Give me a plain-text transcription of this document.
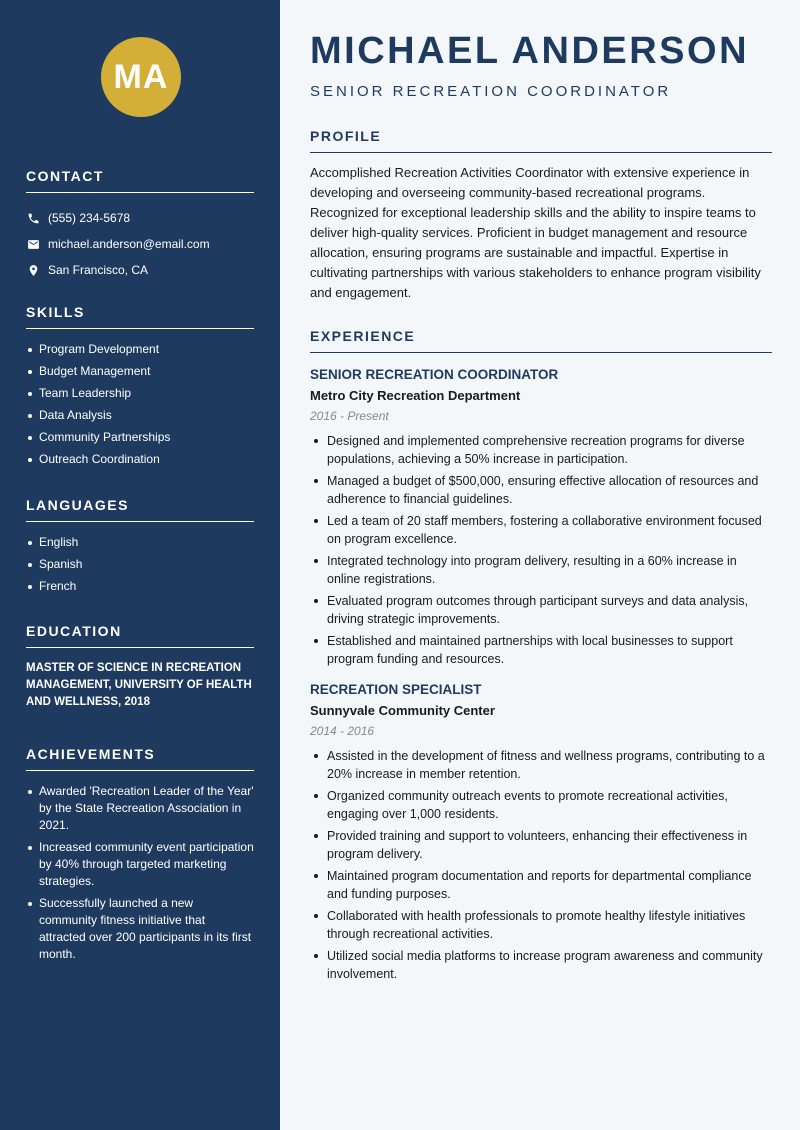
MA
CONTACT
(555) 234-5678
michael.anderson@email.com
San Francisco, CA
SKILLS
Program Development
Budget Management
Team Leadership
Data Analysis
Community Partnerships
Outreach Coordination
LANGUAGES
English
Spanish
French
EDUCATION

MASTER OF SCIENCE IN RECREATION MANAGEMENT, UNIVERSITY OF HEALTH AND WELLNESS, 2018

ACHIEVEMENTS
Awarded 'Recreation Leader of the Year' by the State Recreation Association in 2021.
Increased community event participation by 40% through targeted marketing strategies.
Successfully launched a new community fitness initiative that attracted over 200 participants in its first month.
MICHAEL ANDERSON
SENIOR RECREATION COORDINATOR
PROFILE

Accomplished Recreation Activities Coordinator with extensive experience in developing and overseeing community-based recreational programs. Recognized for exceptional leadership skills and the ability to inspire teams to deliver high-quality services. Proficient in budget management and resource allocation, ensuring programs are sustainable and impactful. Expertise in cultivating partnerships with various stakeholders to enhance program visibility and engagement.

EXPERIENCE
SENIOR RECREATION COORDINATOR
Metro City Recreation Department
2016 - Present
Designed and implemented comprehensive recreation programs for diverse populations, achieving a 50% increase in participation.
Managed a budget of $500,000, ensuring effective allocation of resources and adherence to financial guidelines.
Led a team of 20 staff members, fostering a collaborative environment focused on program excellence.
Integrated technology into program delivery, resulting in a 60% increase in online registrations.
Evaluated program outcomes through participant surveys and data analysis, driving strategic improvements.
Established and maintained partnerships with local businesses to support program funding and resources.
RECREATION SPECIALIST
Sunnyvale Community Center
2014 - 2016
Assisted in the development of fitness and wellness programs, contributing to a 20% increase in member retention.
Organized community outreach events to promote recreational activities, engaging over 1,000 residents.
Provided training and support to volunteers, enhancing their effectiveness in program delivery.
Maintained program documentation and reports for departmental compliance and funding purposes.
Collaborated with health professionals to promote healthy lifestyle initiatives through recreational activities.
Utilized social media platforms to increase program awareness and community involvement.
